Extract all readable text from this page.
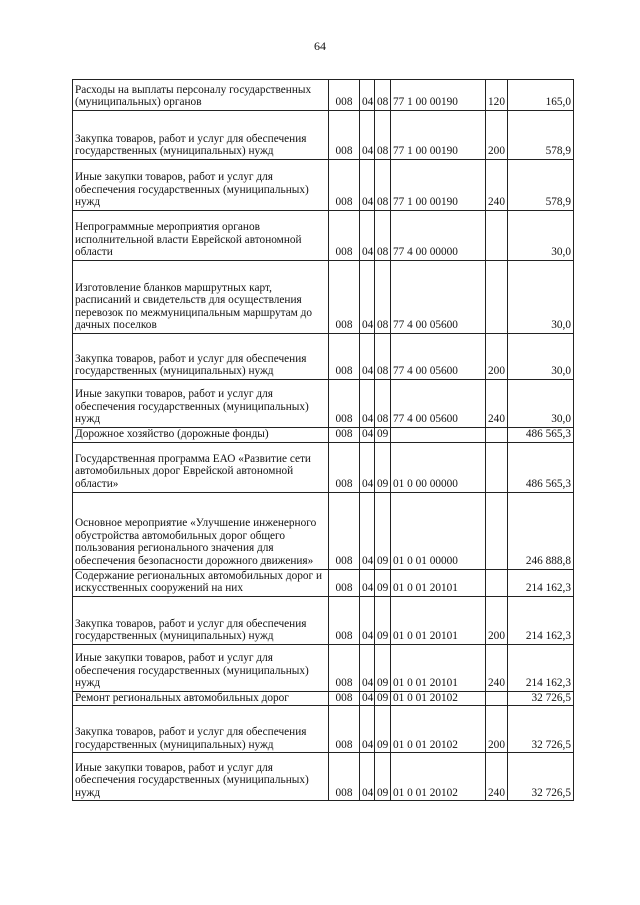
64
Расходы на выплаты персоналу государственных (муниципальных) органов	008	04	08	77 1 00 00190	120	165,0
Закупка товаров, работ и услуг для обеспечения государственных (муниципальных) нужд	008	04	08	77 1 00 00190	200	578,9
Иные закупки товаров, работ и услуг для обеспечения государственных (муниципальных) нужд	008	04	08	77 1 00 00190	240	578,9
Непрограммные мероприятия органов исполнительной власти Еврейской автономной области	008	04	08	77 4 00 00000		30,0
Изготовление бланков маршрутных карт, расписаний и свидетельств для осуществления перевозок по межмуниципальным маршрутам до дачных поселков	008	04	08	77 4 00 05600		30,0
Закупка товаров, работ и услуг для обеспечения государственных (муниципальных) нужд	008	04	08	77 4 00 05600	200	30,0
Иные закупки товаров, работ и услуг для обеспечения государственных (муниципальных) нужд	008	04	08	77 4 00 05600	240	30,0
Дорожное хозяйство (дорожные фонды)	008	04	09			486 565,3
Государственная программа ЕАО «Развитие сети автомобильных дорог Еврейской автономной области»	008	04	09	01 0 00 00000		486 565,3
Основное мероприятие «Улучшение инженерного обустройства автомобильных дорог общего пользования регионального значения для обеспечения безопасности дорожного движения»	008	04	09	01 0 01 00000		246 888,8
Содержание региональных автомобильных дорог и искусственных сооружений на них	008	04	09	01 0 01 20101		214 162,3
Закупка товаров, работ и услуг для обеспечения государственных (муниципальных) нужд	008	04	09	01 0 01 20101	200	214 162,3
Иные закупки товаров, работ и услуг для обеспечения государственных (муниципальных) нужд	008	04	09	01 0 01 20101	240	214 162,3
Ремонт региональных автомобильных дорог	008	04	09	01 0 01 20102		32 726,5
Закупка товаров, работ и услуг для обеспечения государственных (муниципальных) нужд	008	04	09	01 0 01 20102	200	32 726,5
Иные закупки товаров, работ и услуг для обеспечения государственных (муниципальных) нужд	008	04	09	01 0 01 20102	240	32 726,5
